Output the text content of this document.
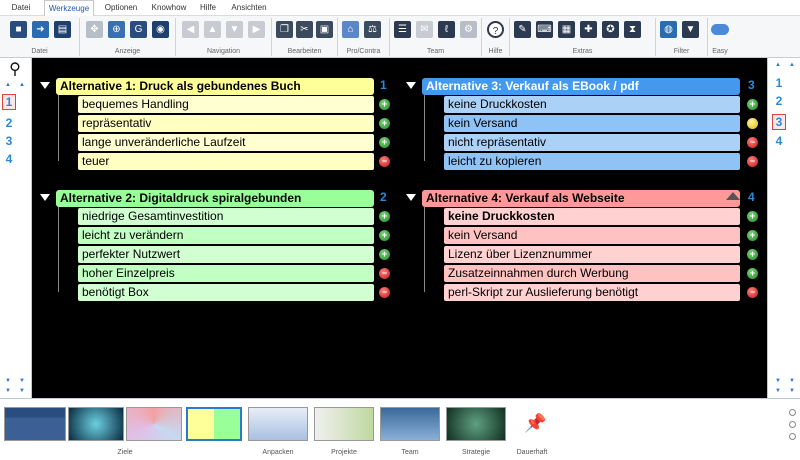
Datei	Werkzeuge	Optionen	Knowhow	Hilfe	Ansichten
■	➜	▤
Datei
✥	⊕	G	◉
Anzeige
◀	▲	▼	▶
Navigation
❐	✂	▣
Bearbeiten
⌂	⚖
Pro/Contra
☰	✉	ℓ	⚙
Team
?
Hilfe
✎	⌨	▦	✚	✪	⧗
Extras
◍	▼
Filter	Easy
⚲
▲ ▲
1
2
3
4
▼ ▼
▼ ▼
▲ ▲
1
2
3
4
▼ ▼
▼ ▼
Alternative 1: Druck als gebundenes Buch	1
bequemes Handling
repräsentativ
lange unveränderliche Laufzeit
teuer
+
+
+
−
Alternative 2: Digitaldruck spiralgebunden	2
niedrige Gesamtinvestition
leicht zu verändern
perfekter Nutzwert
hoher Einzelpreis
benötigt Box
+
+
+
−
−
Alternative 3: Verkauf als EBook / pdf	3
keine Druckkosten
kein Versand
nicht repräsentativ
leicht zu kopieren
+
−
−
Alternative 4: Verkauf als Webseite	4
keine Druckkosten
kein Versand
Lizenz über Lizenznummer
Zusatzeinnahmen durch Werbung
perl-Skript zur Auslieferung benötigt
+
+
+
+
−
📌
Ziele	Anpacken	Projekte	Team	Strategie	Dauerhaft
